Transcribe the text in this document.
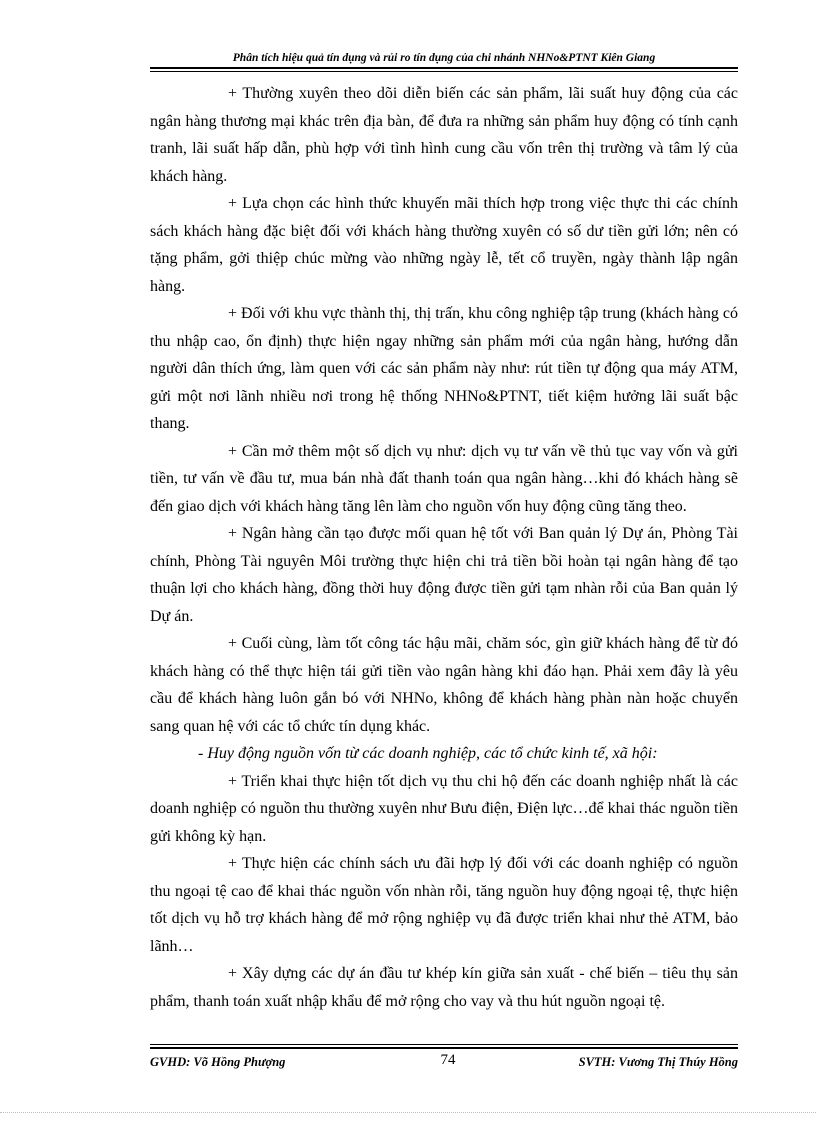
Phân tích hiệu quả tín dụng và rủi ro tín dụng của chi nhánh NHNo&PTNT Kiên Giang

+ Thường xuyên theo dõi diễn biến các sản phẩm, lãi suất huy động của các ngân hàng thương mại khác trên địa bàn, để đưa ra những sản phẩm huy động có tính cạnh tranh, lãi suất hấp dẫn, phù hợp với tình hình cung cầu vốn trên thị trường và tâm lý của khách hàng.

+ Lựa chọn các hình thức khuyến mãi thích hợp trong việc thực thi các chính sách khách hàng đặc biệt đối với khách hàng thường xuyên có số dư tiền gửi lớn; nên có tặng phẩm, gởi thiệp chúc mừng vào những ngày lễ, tết cổ truyền, ngày thành lập ngân hàng.

+ Đối với khu vực thành thị, thị trấn, khu công nghiệp tập trung (khách hàng có thu nhập cao, ổn định) thực hiện ngay những sản phẩm mới của ngân hàng, hướng dẫn người dân thích ứng, làm quen với các sản phẩm này như: rút tiền tự động qua máy ATM, gửi một nơi lãnh nhiều nơi trong hệ thống NHNo&PTNT, tiết kiệm hưởng lãi suất bậc thang.

+ Cần mở thêm một số dịch vụ như: dịch vụ tư vấn về thủ tục vay vốn và gửi tiền, tư vấn về đầu tư, mua bán nhà đất thanh toán qua ngân hàng…khi đó khách hàng sẽ đến giao dịch với khách hàng tăng lên làm cho nguồn vốn huy động cũng tăng theo.

+ Ngân hàng cần tạo được mối quan hệ tốt với Ban quản lý Dự án, Phòng Tài chính, Phòng Tài nguyên Môi trường thực hiện chi trả tiền bồi hoàn tại ngân hàng để tạo thuận lợi cho khách hàng, đồng thời huy động được tiền gửi tạm nhàn rỗi của Ban quản lý Dự án.

+ Cuối cùng, làm tốt công tác hậu mãi, chăm sóc, gìn giữ khách hàng để từ đó khách hàng có thể thực hiện tái gửi tiền vào ngân hàng khi đáo hạn. Phải xem đây là yêu cầu để khách hàng luôn gắn bó với NHNo, không để khách hàng phàn nàn hoặc chuyển sang quan hệ với các tổ chức tín dụng khác.

- Huy động nguồn vốn từ các doanh nghiệp, các tổ chức kinh tế, xã hội:

+ Triển khai thực hiện tốt dịch vụ thu chi hộ đến các doanh nghiệp nhất là các doanh nghiệp có nguồn thu thường xuyên như Bưu điện, Điện lực…để khai thác nguồn tiền gửi không kỳ hạn.

+ Thực hiện các chính sách ưu đãi hợp lý đối với các doanh nghiệp có nguồn thu ngoại tệ cao để khai thác nguồn vốn nhàn rỗi, tăng nguồn huy động ngoại tệ, thực hiện tốt dịch vụ hỗ trợ khách hàng để mở rộng nghiệp vụ đã được triển khai như thẻ ATM, bảo lãnh…

+ Xây dựng các dự án đầu tư khép kín giữa sản xuất - chế biến – tiêu thụ sản phẩm, thanh toán xuất nhập khẩu để mở rộng cho vay và thu hút nguồn ngoại tệ.

GVHD: Võ Hồng Phượng	74	SVTH: Vương Thị Thúy Hồng
